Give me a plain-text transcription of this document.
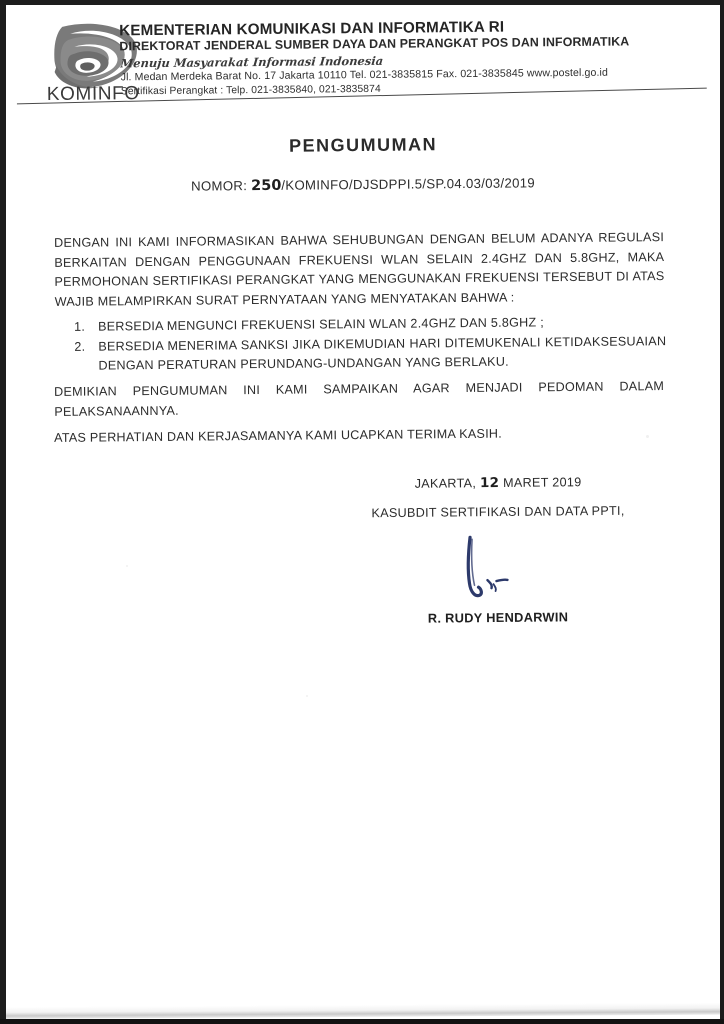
KOMINFO
KEMENTERIAN KOMUNIKASI DAN INFORMATIKA RI
DIREKTORAT JENDERAL SUMBER DAYA DAN PERANGKAT POS DAN INFORMATIKA
Menuju Masyarakat Informasi Indonesia
Jl. Medan Merdeka Barat No. 17 Jakarta 10110 Tel. 021-3835815 Fax. 021-3835845 www.postel.go.id
Sertifikasi Perangkat : Telp. 021-3835840, 021-3835874
PENGUMUMAN
NOMOR: 250/KOMINFO/DJSDPPI.5/SP.04.03/03/2019
DENGAN INI KAMI INFORMASIKAN BAHWA SEHUBUNGAN DENGAN BELUM ADANYA REGULASI BERKAITAN DENGAN PENGGUNAAN FREKUENSI WLAN SELAIN 2.4GHZ DAN 5.8GHZ, MAKA PERMOHONAN SERTIFIKASI PERANGKAT YANG MENGGUNAKAN FREKUENSI TERSEBUT DI ATAS WAJIB MELAMPIRKAN SURAT PERNYATAAN YANG MENYATAKAN BAHWA :
1.	BERSEDIA MENGUNCI FREKUENSI SELAIN WLAN 2.4GHZ DAN 5.8GHZ ;
2.	BERSEDIA MENERIMA SANKSI JIKA DIKEMUDIAN HARI DITEMUKENALI KETIDAKSESUAIAN DENGAN PERATURAN PERUNDANG-UNDANGAN YANG BERLAKU.
DEMIKIAN PENGUMUMAN INI KAMI SAMPAIKAN AGAR MENJADI PEDOMAN DALAM PELAKSANAANNYA.
ATAS PERHATIAN DAN KERJASAMANYA KAMI UCAPKAN TERIMA KASIH.
JAKARTA, 12 MARET 2019
KASUBDIT SERTIFIKASI DAN DATA PPTI,
R. RUDY HENDARWIN
